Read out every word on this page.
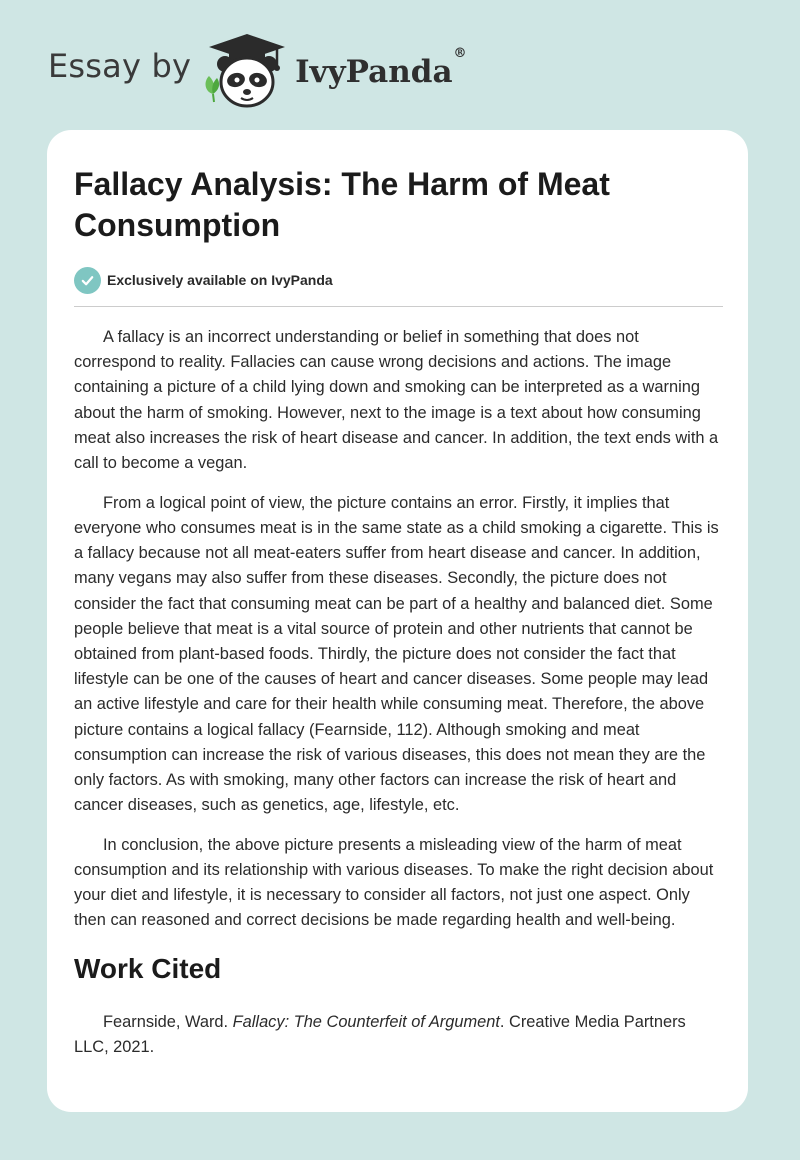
Essay by	IvyPanda®
Fallacy Analysis: The Harm of Meat Consumption
Exclusively available on IvyPanda

A fallacy is an incorrect understanding or belief in something that does not correspond to reality. Fallacies can cause wrong decisions and actions. The image containing a picture of a child lying down and smoking can be interpreted as a warning about the harm of smoking. However, next to the image is a text about how consuming meat also increases the risk of heart disease and cancer. In addition, the text ends with a call to become a vegan.

From a logical point of view, the picture contains an error. Firstly, it implies that everyone who consumes meat is in the same state as a child smoking a cigarette. This is a fallacy because not all meat-eaters suffer from heart disease and cancer. In addition, many vegans may also suffer from these diseases. Secondly, the picture does not consider the fact that consuming meat can be part of a healthy and balanced diet. Some people believe that meat is a vital source of protein and other nutrients that cannot be obtained from plant-based foods. Thirdly, the picture does not consider the fact that lifestyle can be one of the causes of heart and cancer diseases. Some people may lead an active lifestyle and care for their health while consuming meat. Therefore, the above picture contains a logical fallacy (Fearnside, 112). Although smoking and meat consumption can increase the risk of various diseases, this does not mean they are the only factors. As with smoking, many other factors can increase the risk of heart and cancer diseases, such as genetics, age, lifestyle, etc.

In conclusion, the above picture presents a misleading view of the harm of meat consumption and its relationship with various diseases. To make the right decision about your diet and lifestyle, it is necessary to consider all factors, not just one aspect. Only then can reasoned and correct decisions be made regarding health and well-being.

Work Cited

Fearnside, Ward. Fallacy: The Counterfeit of Argument. Creative Media Partners LLC, 2021.
